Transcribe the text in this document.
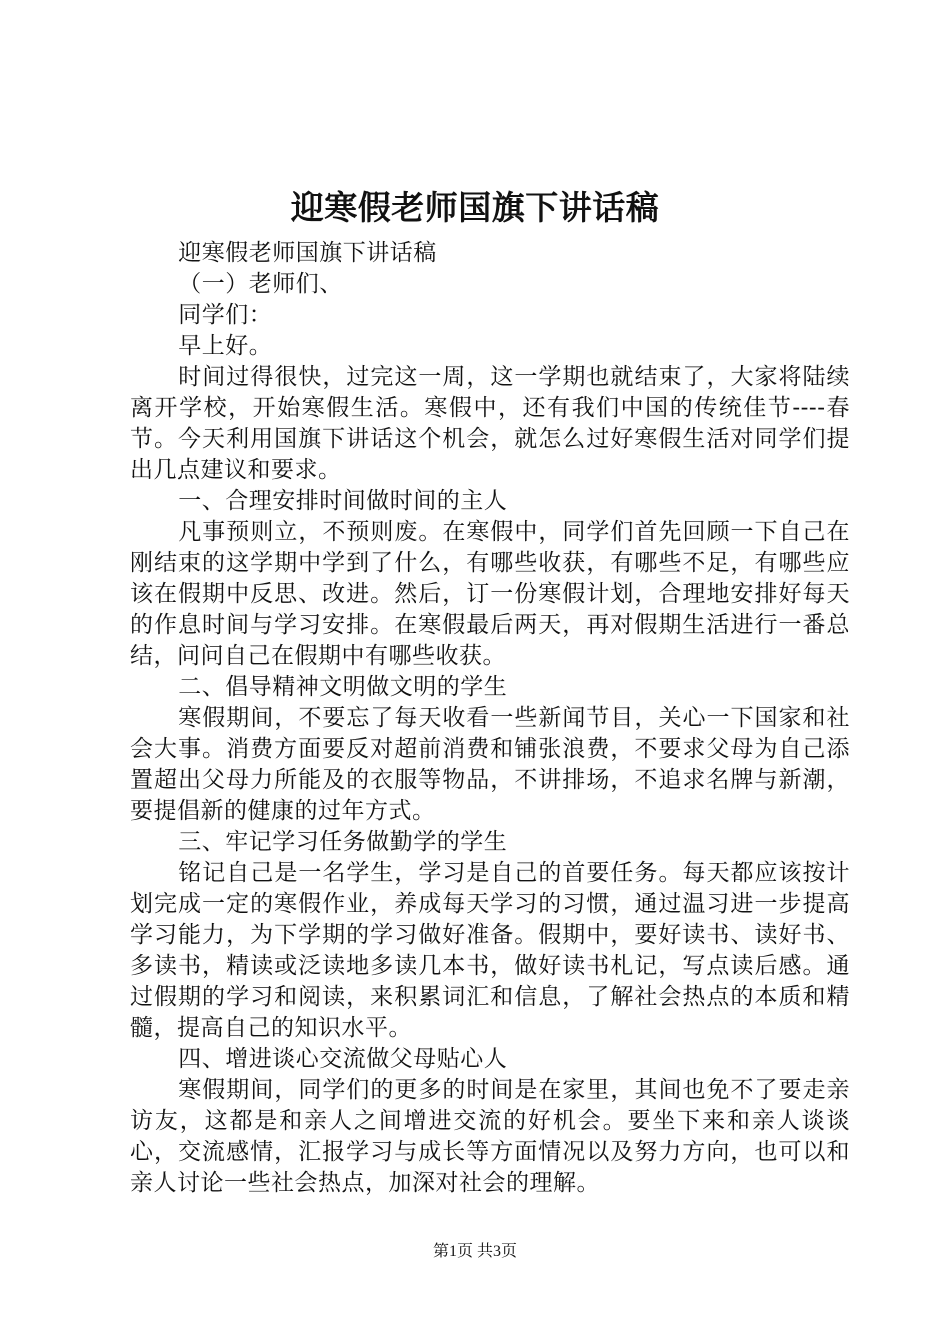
迎寒假老师国旗下讲话稿

迎寒假老师国旗下讲话稿

（一）老师们、

同学们：

早上好。

时间过得很快，过完这一周，这一学期也就结束了，大家将陆续离开学校，开始寒假生活。寒假中，还有我们中国的传统佳节----春节。今天利用国旗下讲话这个机会，就怎么过好寒假生活对同学们提出几点建议和要求。

一、合理安排时间做时间的主人

凡事预则立，不预则废。在寒假中，同学们首先回顾一下自己在刚结束的这学期中学到了什么，有哪些收获，有哪些不足，有哪些应该在假期中反思、改进。然后，订一份寒假计划，合理地安排好每天的作息时间与学习安排。在寒假最后两天，再对假期生活进行一番总结，问问自己在假期中有哪些收获。

二、倡导精神文明做文明的学生

寒假期间，不要忘了每天收看一些新闻节目，关心一下国家和社会大事。消费方面要反对超前消费和铺张浪费，不要求父母为自己添置超出父母力所能及的衣服等物品，不讲排场，不追求名牌与新潮，要提倡新的健康的过年方式。

三、牢记学习任务做勤学的学生

铭记自己是一名学生，学习是自己的首要任务。每天都应该按计划完成一定的寒假作业，养成每天学习的习惯，通过温习进一步提高学习能力，为下学期的学习做好准备。假期中，要好读书、读好书、多读书，精读或泛读地多读几本书，做好读书札记，写点读后感。通过假期的学习和阅读，来积累词汇和信息，了解社会热点的本质和精髓，提高自己的知识水平。

四、增进谈心交流做父母贴心人

寒假期间，同学们的更多的时间是在家里，其间也免不了要走亲访友，这都是和亲人之间增进交流的好机会。要坐下来和亲人谈谈心，交流感情，汇报学习与成长等方面情况以及努力方向，也可以和亲人讨论一些社会热点，加深对社会的理解。

第1页 共3页
